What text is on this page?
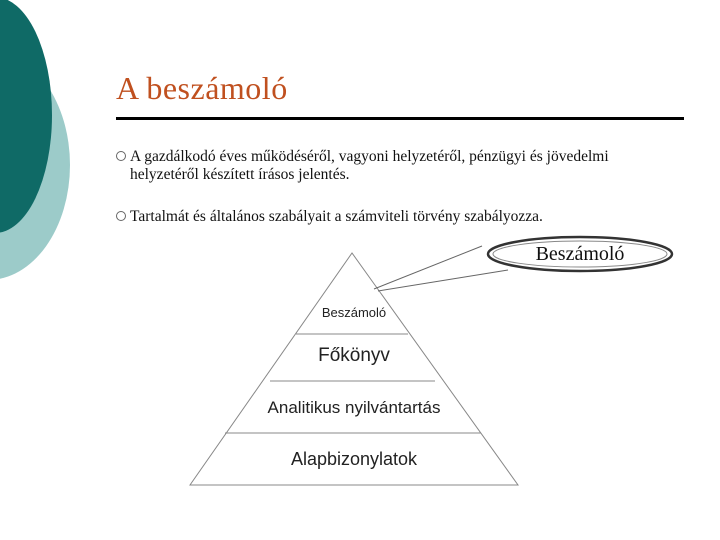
A beszámoló
A gazdálkodó éves működéséről, vagyoni helyzetéről, pénzügyi és jövedelmi helyzetéről készített írásos jelentés.
Tartalmát és általános szabályait a számviteli törvény szabályozza.
Beszámoló
Főkönyv
Analitikus nyilvántartás
Alapbizonylatok
Beszámoló
